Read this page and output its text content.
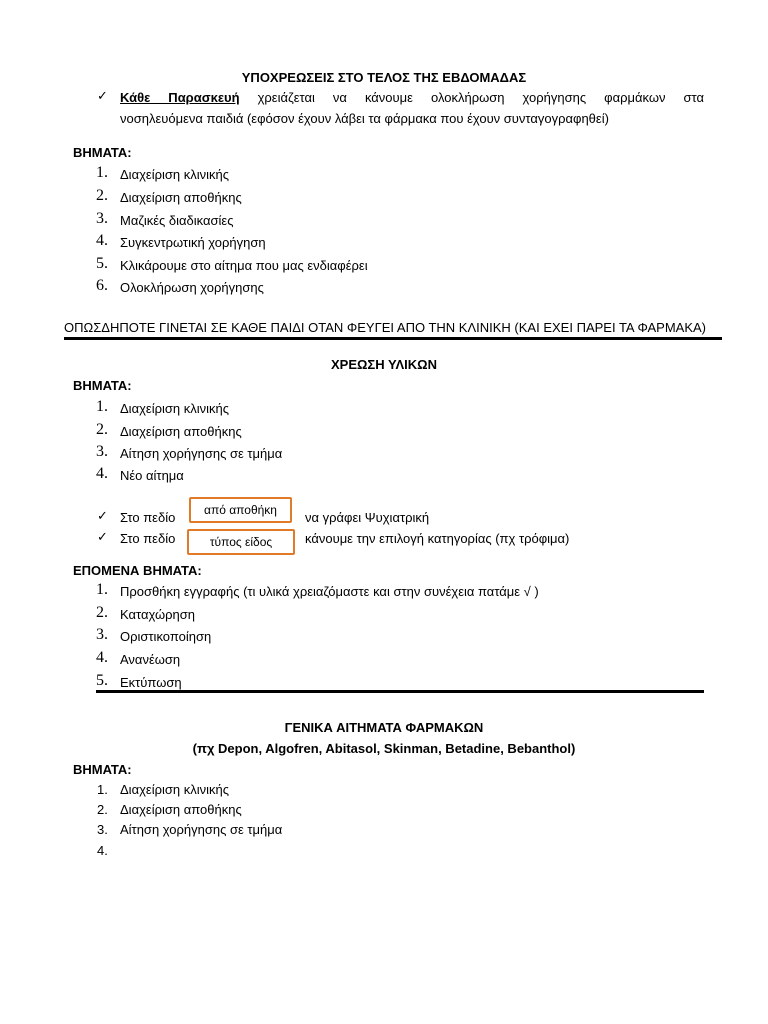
ΥΠΟΧΡΕΩΣΕΙΣ ΣΤΟ ΤΕΛΟΣ ΤΗΣ ΕΒΔΟΜΑΔΑΣ
✓ Κάθε Παρασκευή χρειάζεται να κάνουμε ολοκλήρωση χορήγησης φαρμάκων στα
νοσηλευόμενα παιδιά (εφόσον έχουν λάβει τα φάρμακα που έχουν συνταγογραφηθεί)
ΒΗΜΑΤΑ:
1. Διαχείριση κλινικής
2. Διαχείριση αποθήκης
3. Μαζικές διαδικασίες
4. Συγκεντρωτική χορήγηση
5. Κλικάρουμε στο αίτημα που μας ενδιαφέρει
6. Ολοκλήρωση χορήγησης
ΟΠΩΣΔΗΠΟΤΕ ΓΙΝΕΤΑΙ ΣΕ ΚΑΘΕ ΠΑΙΔΙ ΟΤΑΝ ΦΕΥΓΕΙ ΑΠΟ ΤΗΝ ΚΛΙΝΙΚΗ (ΚΑΙ ΕΧΕΙ ΠΑΡΕΙ ΤΑ ΦΑΡΜΑΚΑ)
ΧΡΕΩΣΗ ΥΛΙΚΩΝ
ΒΗΜΑΤΑ:
1. Διαχείριση κλινικής
2. Διαχείριση αποθήκης
3. Αίτηση χορήγησης σε τμήμα
4. Νέο αίτημα
✓ Στο πεδίο	από αποθήκη	να γράφει Ψυχιατρική
✓ Στο πεδίο	τύπος είδος	κάνουμε την επιλογή κατηγορίας (πχ τρόφιμα)
ΕΠΟΜΕΝΑ ΒΗΜΑΤΑ:
1. Προσθήκη εγγραφής (τι υλικά χρειαζόμαστε και στην συνέχεια πατάμε √ )
2. Καταχώρηση
3. Οριστικοποίηση
4. Ανανέωση
5. Εκτύπωση
ΓΕΝΙΚΑ ΑΙΤΗΜΑΤΑ ΦΑΡΜΑΚΩΝ
(πχ Depon, Algofren, Abitasol, Skinman, Betadine, Bebanthol)
ΒΗΜΑΤΑ:
1. Διαχείριση κλινικής
2. Διαχείριση αποθήκης
3. Αίτηση χορήγησης σε τμήμα
4.
